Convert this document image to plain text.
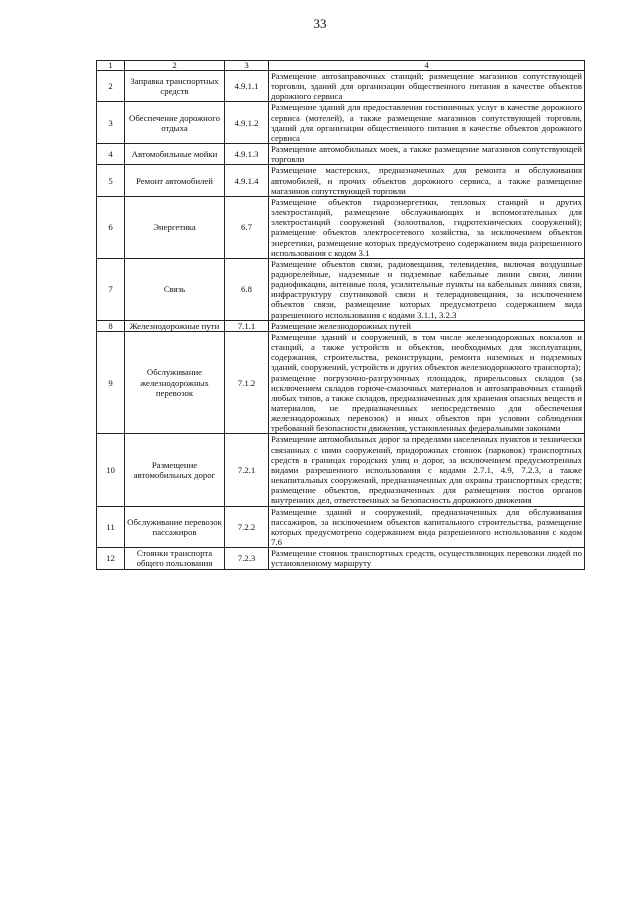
33
1	2	3	4
2	Заправка транспортных средств	4.9.1.1	Размещение автозаправочных станций; размещение магазинов сопутствующей торговли, зданий для организации общественного питания в качестве объектов дорожного сервиса
3	Обеспечение дорожного отдыха	4.9.1.2	Размещение зданий для предоставления гостиничных услуг в качестве дорожного сервиса (мотелей), а также размещение магазинов сопутствующей торговли, зданий для организации общественного питания в качестве объектов дорожного сервиса
4	Автомобильные мойки	4.9.1.3	Размещение автомобильных моек, а также размещение магазинов сопутствующей торговли
5	Ремонт автомобилей	4.9.1.4	Размещение мастерских, предназначенных для ремонта и обслуживания автомобилей, и прочих объектов дорожного сервиса, а также размещение магазинов сопутствующей торговли
6	Энергетика	6.7	Размещение объектов гидроэнергетики, тепловых станций и других электростанций, размещение обслуживающих и вспомогательных для электростанций сооружений (золоотвалов, гидротехнических сооружений); размещение объектов электросетевого хозяйства, за исключением объектов энергетики, размещение которых предусмотрено содержанием вида разрешенного использования с кодом 3.1
7	Связь	6.8	Размещение объектов связи, радиовещания, телевидения, включая воздушные радиорелейные, надземные и подземные кабельные линии связи, линии радиофикации, антенные поля, усилительные пункты на кабельных линиях связи, инфраструктуру спутниковой связи и телерадиовещания, за исключением объектов связи, размещение которых предусмотрено содержанием вида разрешенного использования с кодами 3.1.1, 3.2.3
8	Железнодорожные пути	7.1.1	Размещение железнодорожных путей
9	Обслуживание железнодорожных перевозок	7.1.2	Размещение зданий и сооружений, в том числе железнодорожных вокзалов и станций, а также устройств и объектов, необходимых для эксплуатации, содержания, строительства, реконструкции, ремонта наземных и подземных зданий, сооружений, устройств и других объектов железнодорожного транспорта);
размещение погрузочно-разгрузочных площадок, прирельсовых складов (за исключением складов горюче-смазочных материалов и автозаправочных станций любых типов, а также складов, предназначенных для хранения опасных веществ и материалов, не предназначенных непосредственно для обеспечения железнодорожных перевозок) и иных объектов при условии соблюдения требований безопасности движения, установленных федеральными законами
10	Размещение автомобильных дорог	7.2.1	Размещение автомобильных дорог за пределами населенных пунктов и технически связанных с ними сооружений, придорожных стоянок (парковок) транспортных средств в границах городских улиц и дорог, за исключением предусмотренных видами разрешенного использования с кодами 2.7.1, 4.9, 7.2.3, а также некапитальных сооружений, предназначенных для охраны транспортных средств; размещение объектов, предназначенных для размещения постов органов внутренних дел, ответственных за безопасность дорожного движения
11	Обслуживание перевозок пассажиров	7.2.2	Размещение зданий и сооружений, предназначенных для обслуживания пассажиров, за исключением объектов капитального строительства, размещение которых предусмотрено содержанием вида разрешенного использования с кодом 7.6
12	Стоянки транспорта общего пользования	7.2.3	Размещение стоянок транспортных средств, осуществляющих перевозки людей по установленному маршруту
